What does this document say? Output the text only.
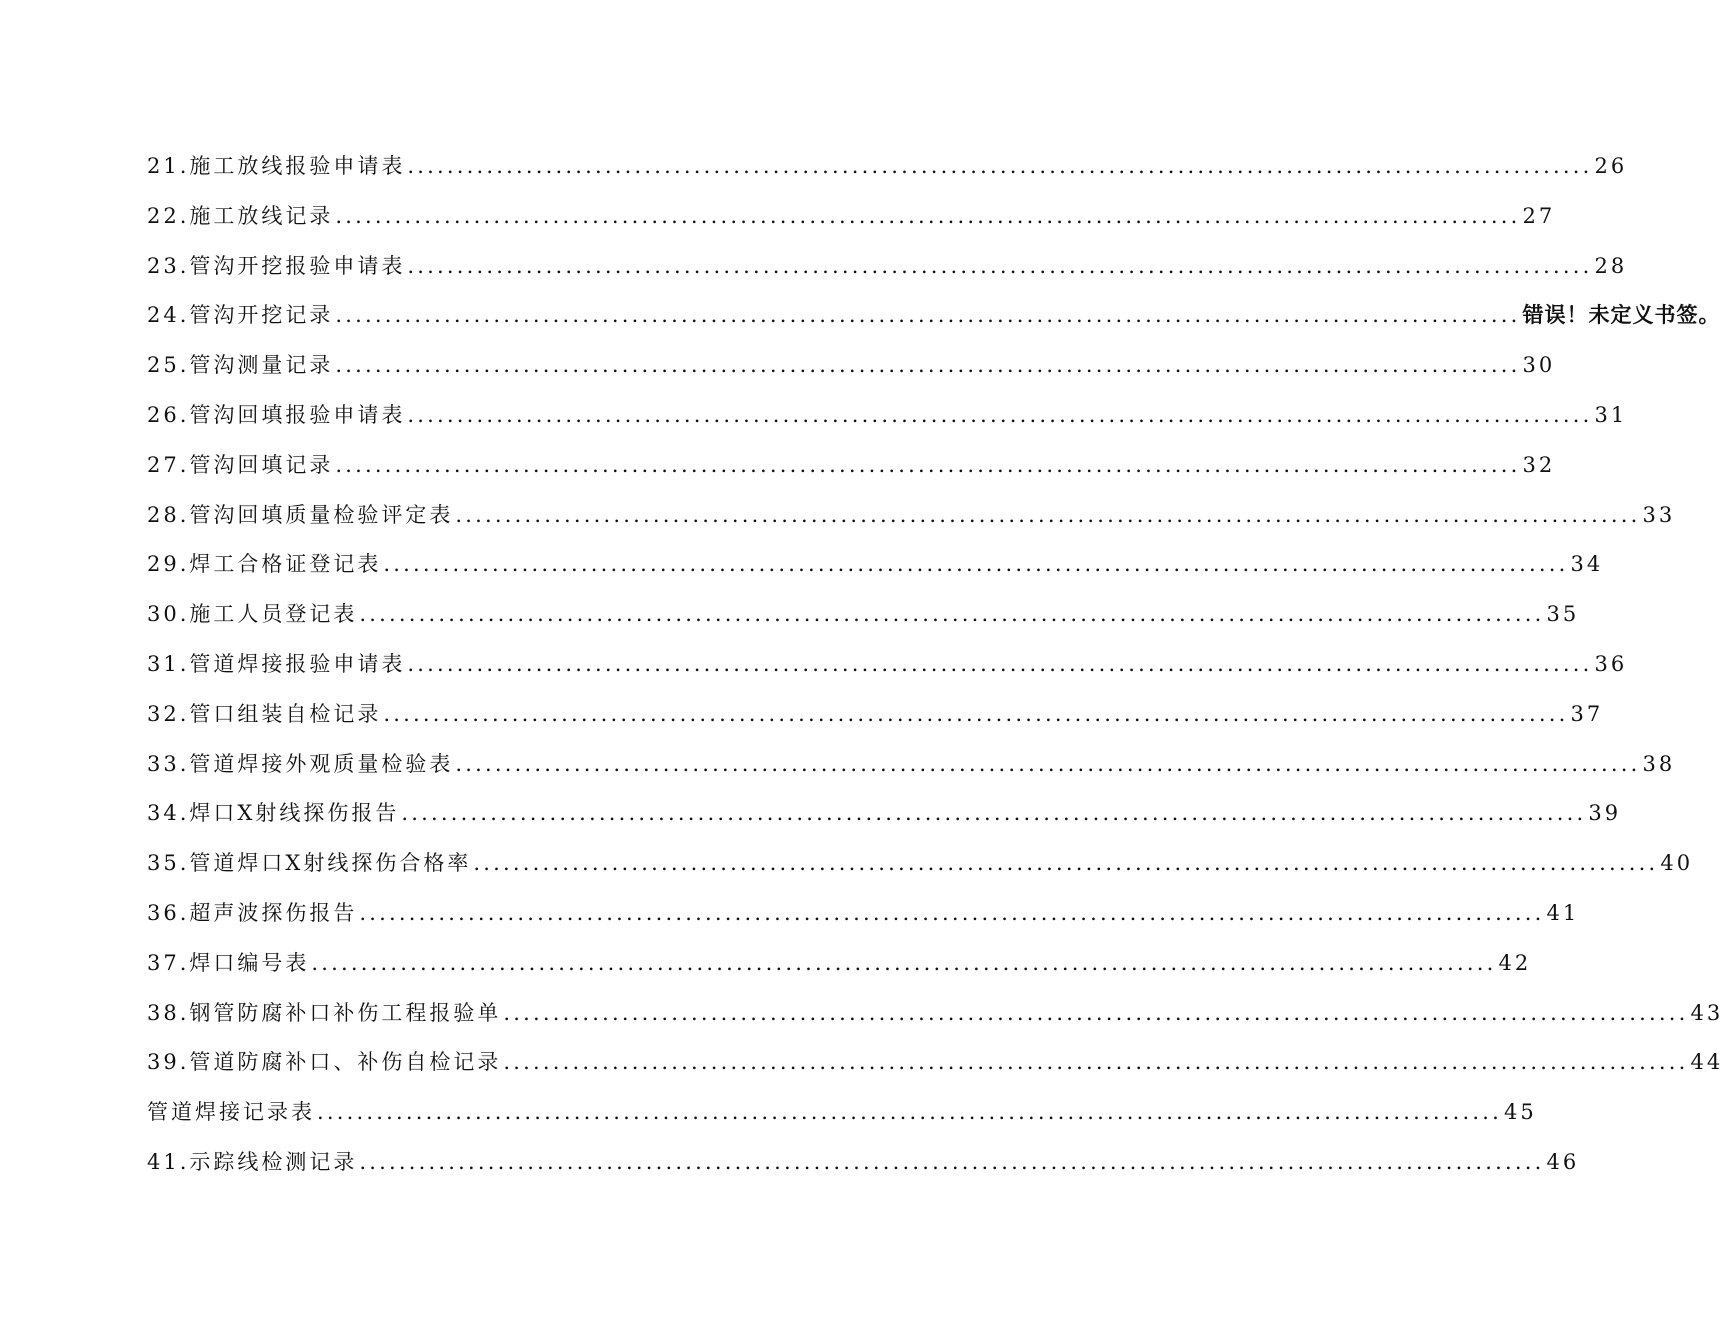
21.施工放线报验申请表 ........................................................................................................................ 26
22.施工放线记录 ........................................................................................................................ 27
23.管沟开挖报验申请表 ........................................................................................................................ 28
24.管沟开挖记录 ........................................................................................................................ 错误！未定义书签。
25.管沟测量记录 ........................................................................................................................ 30
26.管沟回填报验申请表 ........................................................................................................................ 31
27.管沟回填记录 ........................................................................................................................ 32
28.管沟回填质量检验评定表 ........................................................................................................................ 33
29.焊工合格证登记表 ........................................................................................................................ 34
30.施工人员登记表 ........................................................................................................................ 35
31.管道焊接报验申请表 ........................................................................................................................ 36
32.管口组装自检记录 ........................................................................................................................ 37
33.管道焊接外观质量检验表 ........................................................................................................................ 38
34.焊口X射线探伤报告 ........................................................................................................................ 39
35.管道焊口X射线探伤合格率 ........................................................................................................................ 40
36.超声波探伤报告 ........................................................................................................................ 41
37.焊口编号表 ........................................................................................................................ 42
38.钢管防腐补口补伤工程报验单 ........................................................................................................................ 43
39.管道防腐补口、补伤自检记录 ........................................................................................................................ 44
管道焊接记录表 ........................................................................................................................ 45
41.示踪线检测记录 ........................................................................................................................ 46
